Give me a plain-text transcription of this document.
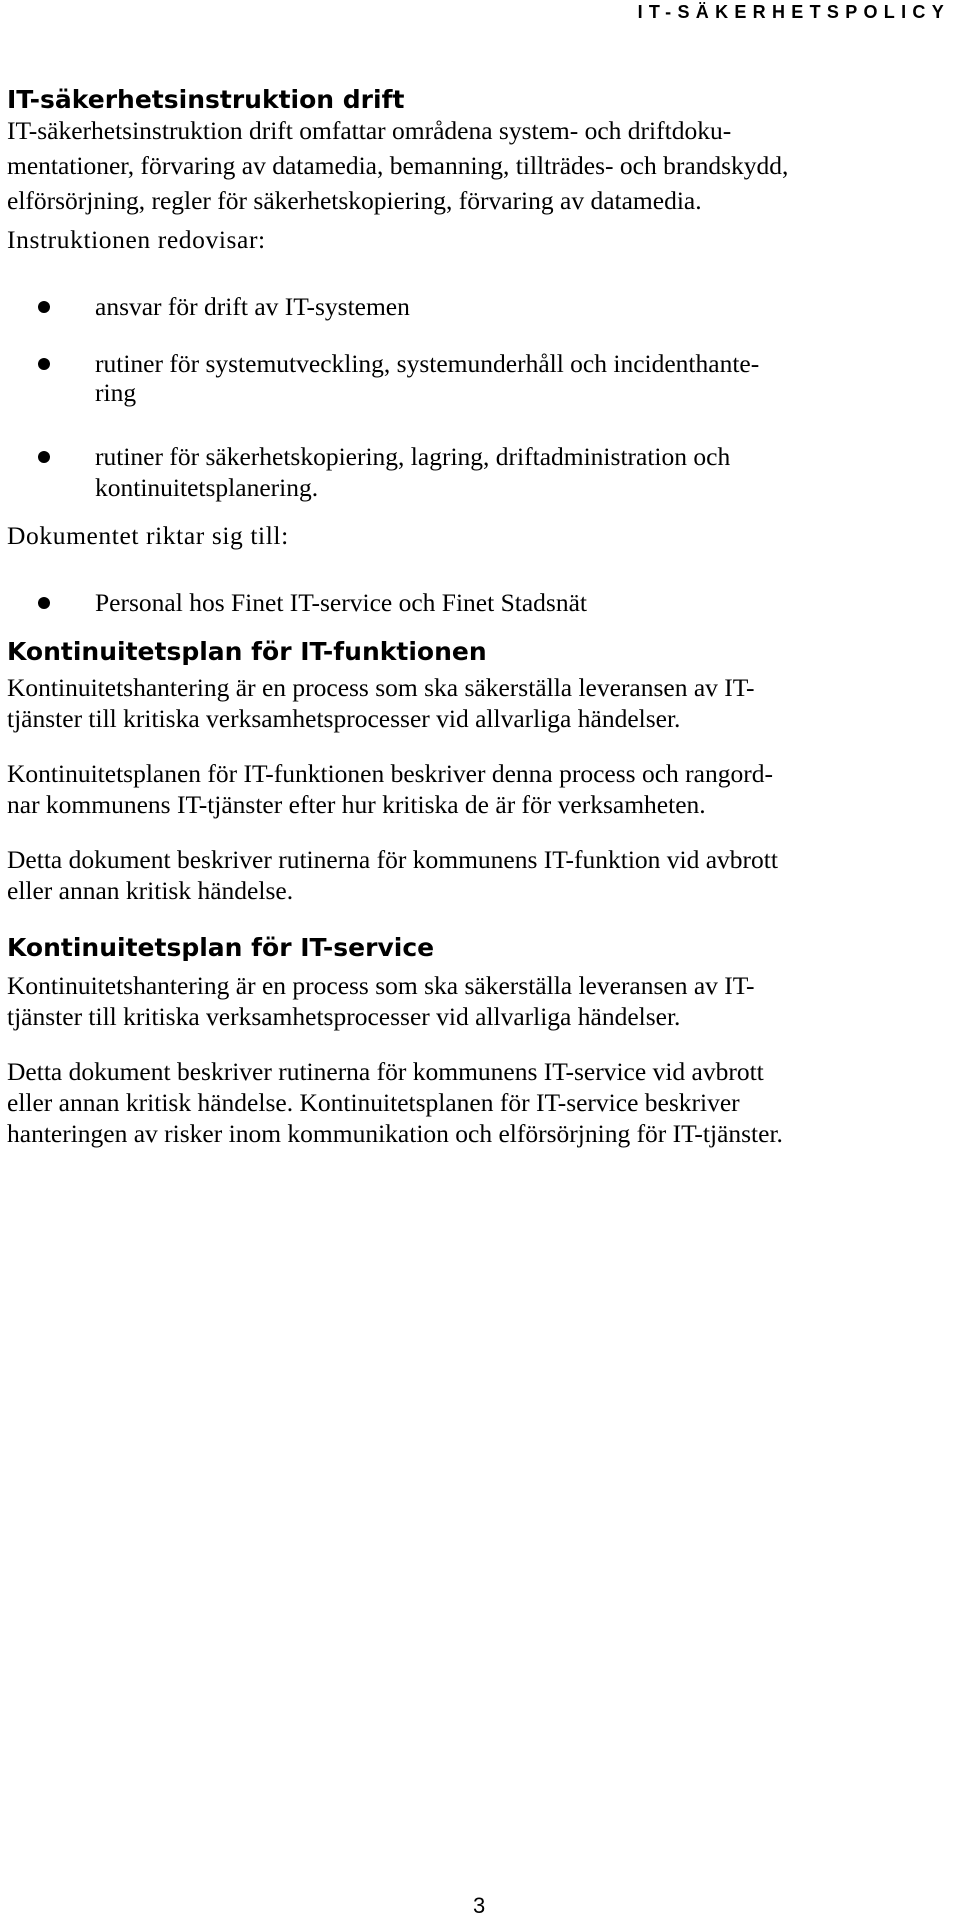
IT-SÄKERHETSPOLICY
IT-säkerhetsinstruktion drift
IT-säkerhetsinstruktion drift omfattar områdena system- och driftdoku-
mentationer, förvaring av datamedia, bemanning, tillträdes- och brandskydd,
elförsörjning, regler för säkerhetskopiering, förvaring av datamedia.
Instruktionen redovisar:
ansvar för drift av IT-systemen
rutiner för systemutveckling, systemunderhåll och incidenthante-
ring
rutiner för säkerhetskopiering, lagring, driftadministration och
kontinuitetsplanering.
Dokumentet riktar sig till:
Personal hos Finet IT-service och Finet Stadsnät
Kontinuitetsplan för IT-funktionen
Kontinuitetshantering är en process som ska säkerställa leveransen av IT-
tjänster till kritiska verksamhetsprocesser vid allvarliga händelser.
Kontinuitetsplanen för IT-funktionen beskriver denna process och rangord-
nar kommunens IT-tjänster efter hur kritiska de är för verksamheten.
Detta dokument beskriver rutinerna för kommunens IT-funktion vid avbrott
eller annan kritisk händelse.
Kontinuitetsplan för IT-service
Kontinuitetshantering är en process som ska säkerställa leveransen av IT-
tjänster till kritiska verksamhetsprocesser vid allvarliga händelser.
Detta dokument beskriver rutinerna för kommunens IT-service vid avbrott
eller annan kritisk händelse. Kontinuitetsplanen för IT-service beskriver
hanteringen av risker inom kommunikation och elförsörjning för IT-tjänster.
3
